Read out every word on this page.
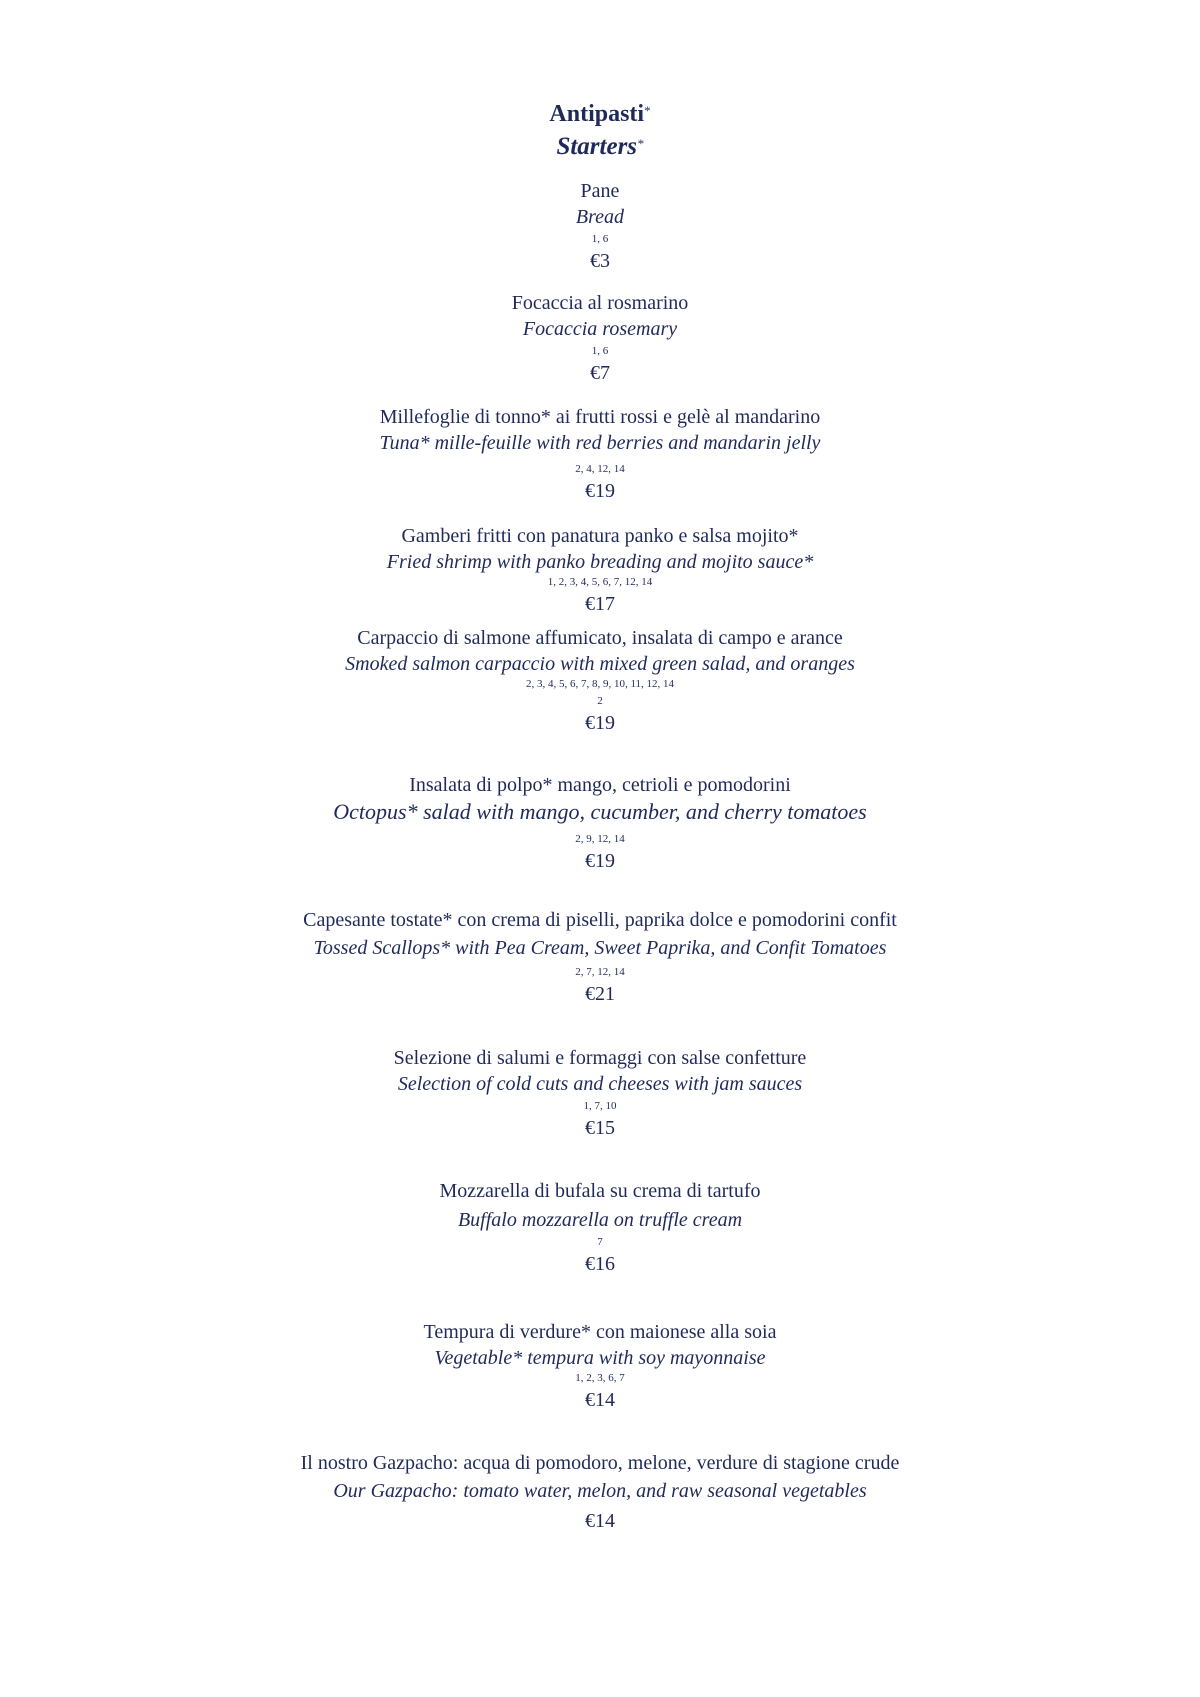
Antipasti*
Starters*
Pane
Bread
1, 6
€3
Focaccia al rosmarino
Focaccia rosemary
1, 6
€7
Millefoglie di tonno* ai frutti rossi e gelè al mandarino
Tuna* mille-feuille with red berries and mandarin jelly
2, 4, 12, 14
€19
Gamberi fritti con panatura panko e salsa mojito*
Fried shrimp with panko breading and mojito sauce*
1, 2, 3, 4, 5, 6, 7, 12, 14
€17
Carpaccio di salmone affumicato, insalata di campo e arance
Smoked salmon carpaccio with mixed green salad, and oranges
2, 3, 4, 5, 6, 7, 8, 9, 10, 11, 12, 14
2
€19
Insalata di polpo* mango, cetrioli e pomodorini
Octopus* salad with mango, cucumber, and cherry tomatoes
2, 9, 12, 14
€19
Capesante tostate* con crema di piselli, paprika dolce e pomodorini confit
Tossed Scallops* with Pea Cream, Sweet Paprika, and Confit Tomatoes
2, 7, 12, 14
€21
Selezione di salumi e formaggi con salse confetture
Selection of cold cuts and cheeses with jam sauces
1, 7, 10
€15
Mozzarella di bufala su crema di tartufo
Buffalo mozzarella on truffle cream
7
€16
Tempura di verdure* con maionese alla soia
Vegetable* tempura with soy mayonnaise
1, 2, 3, 6, 7
€14
Il nostro Gazpacho: acqua di pomodoro, melone, verdure di stagione crude
Our Gazpacho: tomato water, melon, and raw seasonal vegetables
€14
